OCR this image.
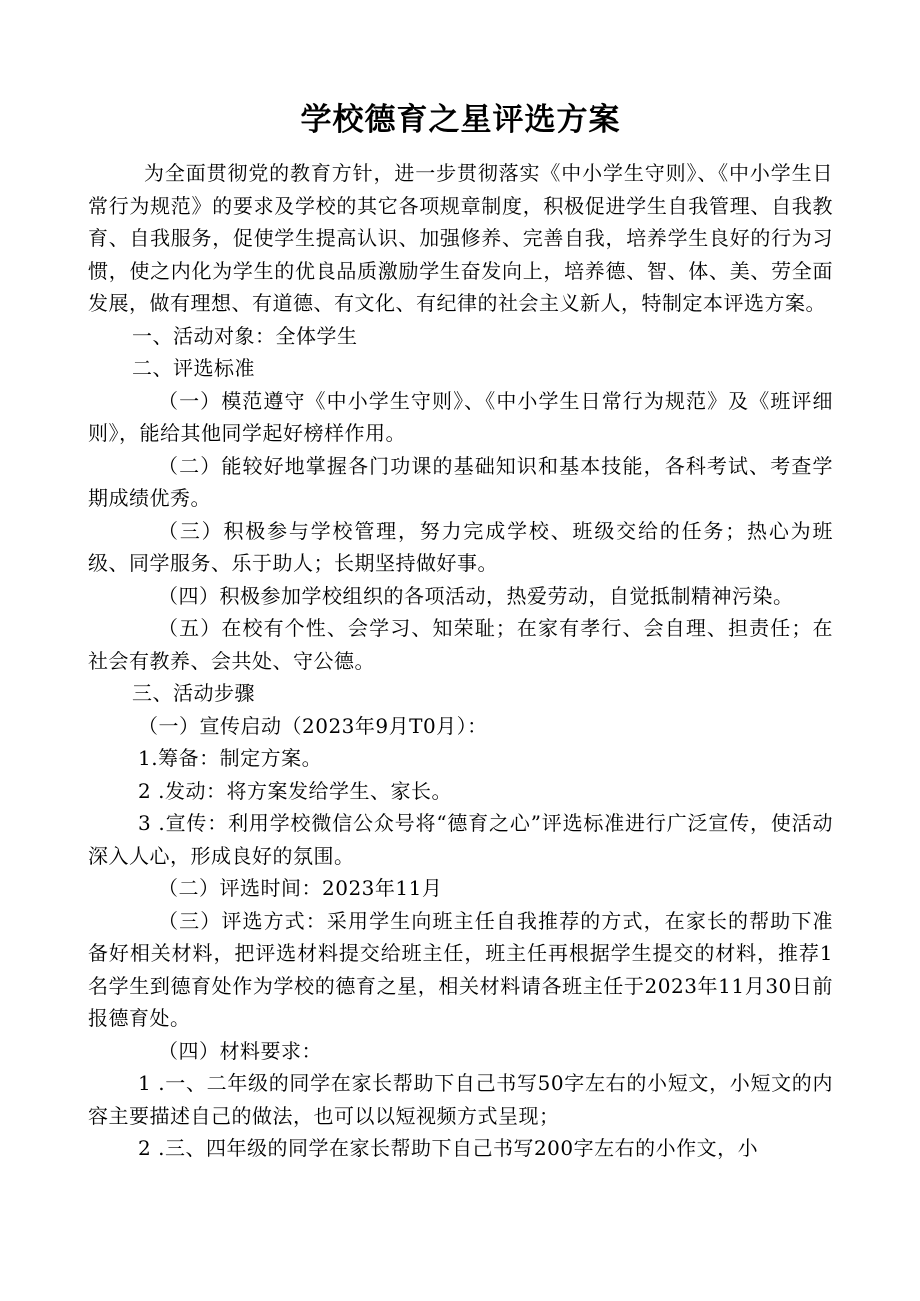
学校德育之星评选方案

为全面贯彻党的教育方针，进一步贯彻落实《中小学生守则》、《中小学生日常行为规范》的要求及学校的其它各项规章制度，积极促进学生自我管理、自我教育、自我服务，促使学生提高认识、加强修养、完善自我，培养学生良好的行为习惯，使之内化为学生的优良品质激励学生奋发向上，培养德、智、体、美、劳全面发展，做有理想、有道德、有文化、有纪律的社会主义新人，特制定本评选方案。

一、活动对象：全体学生

二、评选标准

（一）模范遵守《中小学生守则》、《中小学生日常行为规范》及《班评细则》，能给其他同学起好榜样作用。

（二）能较好地掌握各门功课的基础知识和基本技能，各科考试、考查学期成绩优秀。

（三）积极参与学校管理，努力完成学校、班级交给的任务；热心为班级、同学服务、乐于助人；长期坚持做好事。

（四）积极参加学校组织的各项活动，热爱劳动，自觉抵制精神污染。

（五）在校有个性、会学习、知荣耻；在家有孝行、会自理、担责任；在社会有教养、会共处、守公德。

三、活动步骤

（一）宣传启动（2023年9月T0月）：

1.筹备：制定方案。

2 .发动：将方案发给学生、家长。

3 .宣传：利用学校微信公众号将“德育之心”评选标准进行广泛宣传，使活动深入人心，形成良好的氛围。

（二）评选时间：2023年11月

（三）评选方式：采用学生向班主任自我推荐的方式，在家长的帮助下准备好相关材料，把评选材料提交给班主任，班主任再根据学生提交的材料，推荐1名学生到德育处作为学校的德育之星，相关材料请各班主任于2023年11月30日前报德育处。

（四）材料要求：

1 .一、二年级的同学在家长帮助下自己书写50字左右的小短文，小短文的内容主要描述自己的做法，也可以以短视频方式呈现；

2 .三、四年级的同学在家长帮助下自己书写200字左右的小作文，小
